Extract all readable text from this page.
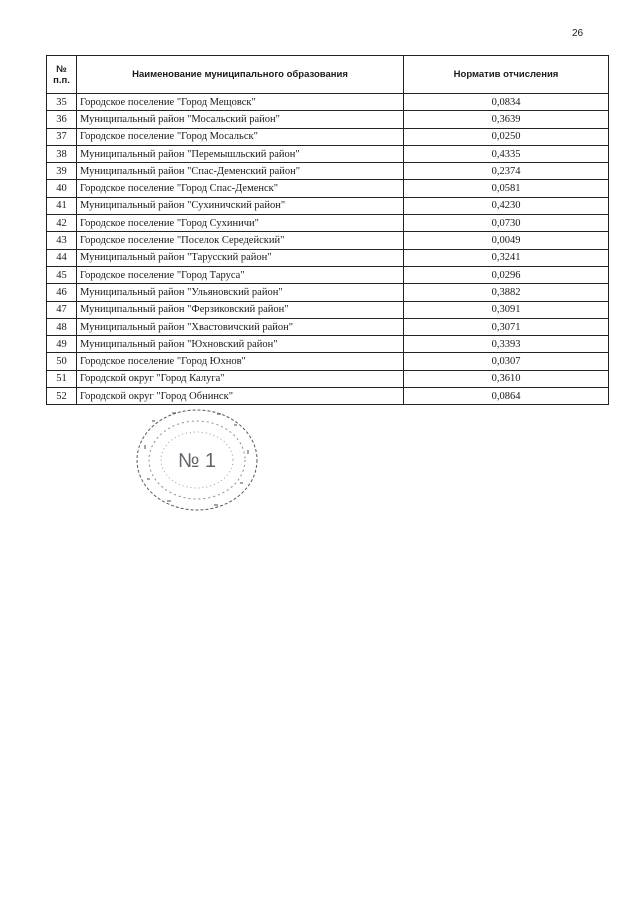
26
№ п.п.	Наименование муниципального образования	Норматив отчисления
35	Городское поселение "Город Мещовск"	0,0834
36	Муниципальный район "Мосальский район"	0,3639
37	Городское поселение "Город Мосальск"	0,0250
38	Муниципальный район "Перемышльский район"	0,4335
39	Муниципальный район "Спас-Деменский район"	0,2374
40	Городское поселение "Город Спас-Деменск"	0,0581
41	Муниципальный район "Сухиничский район"	0,4230
42	Городское поселение "Город Сухиничи"	0,0730
43	Городское поселение "Поселок Середейский"	0,0049
44	Муниципальный район "Тарусский район"	0,3241
45	Городское поселение "Город Таруса"	0,0296
46	Муниципальный район "Ульяновский район"	0,3882
47	Муниципальный район "Ферзиковский район"	0,3091
48	Муниципальный район "Хвастовичский район"	0,3071
49	Муниципальный район "Юхновский район"	0,3393
50	Городское поселение "Город Юхнов"	0,0307
51	Городской округ "Город Калуга"	0,3610
52	Городской округ "Город Обнинск"	0,0864
№ 1
